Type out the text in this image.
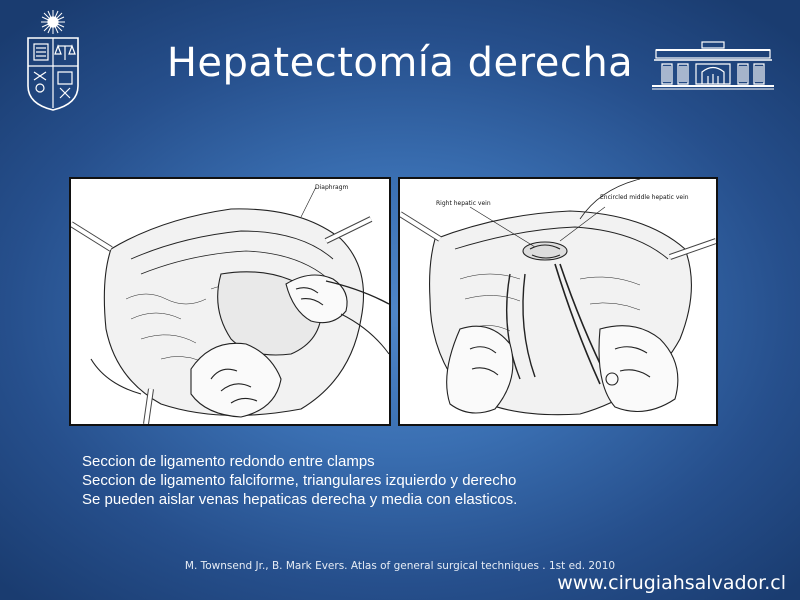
Hepatectomía derecha
Diaphragm
Right hepatic vein
Encircled middle hepatic vein
Seccion de ligamento redondo entre clamps
Seccion de ligamento falciforme, triangulares izquierdo y derecho
Se pueden aislar venas hepaticas derecha y media con elasticos.
M. Townsend Jr., B. Mark Evers. Atlas of general surgical techniques . 1st ed. 2010
www.cirugiahsalvador.cl
